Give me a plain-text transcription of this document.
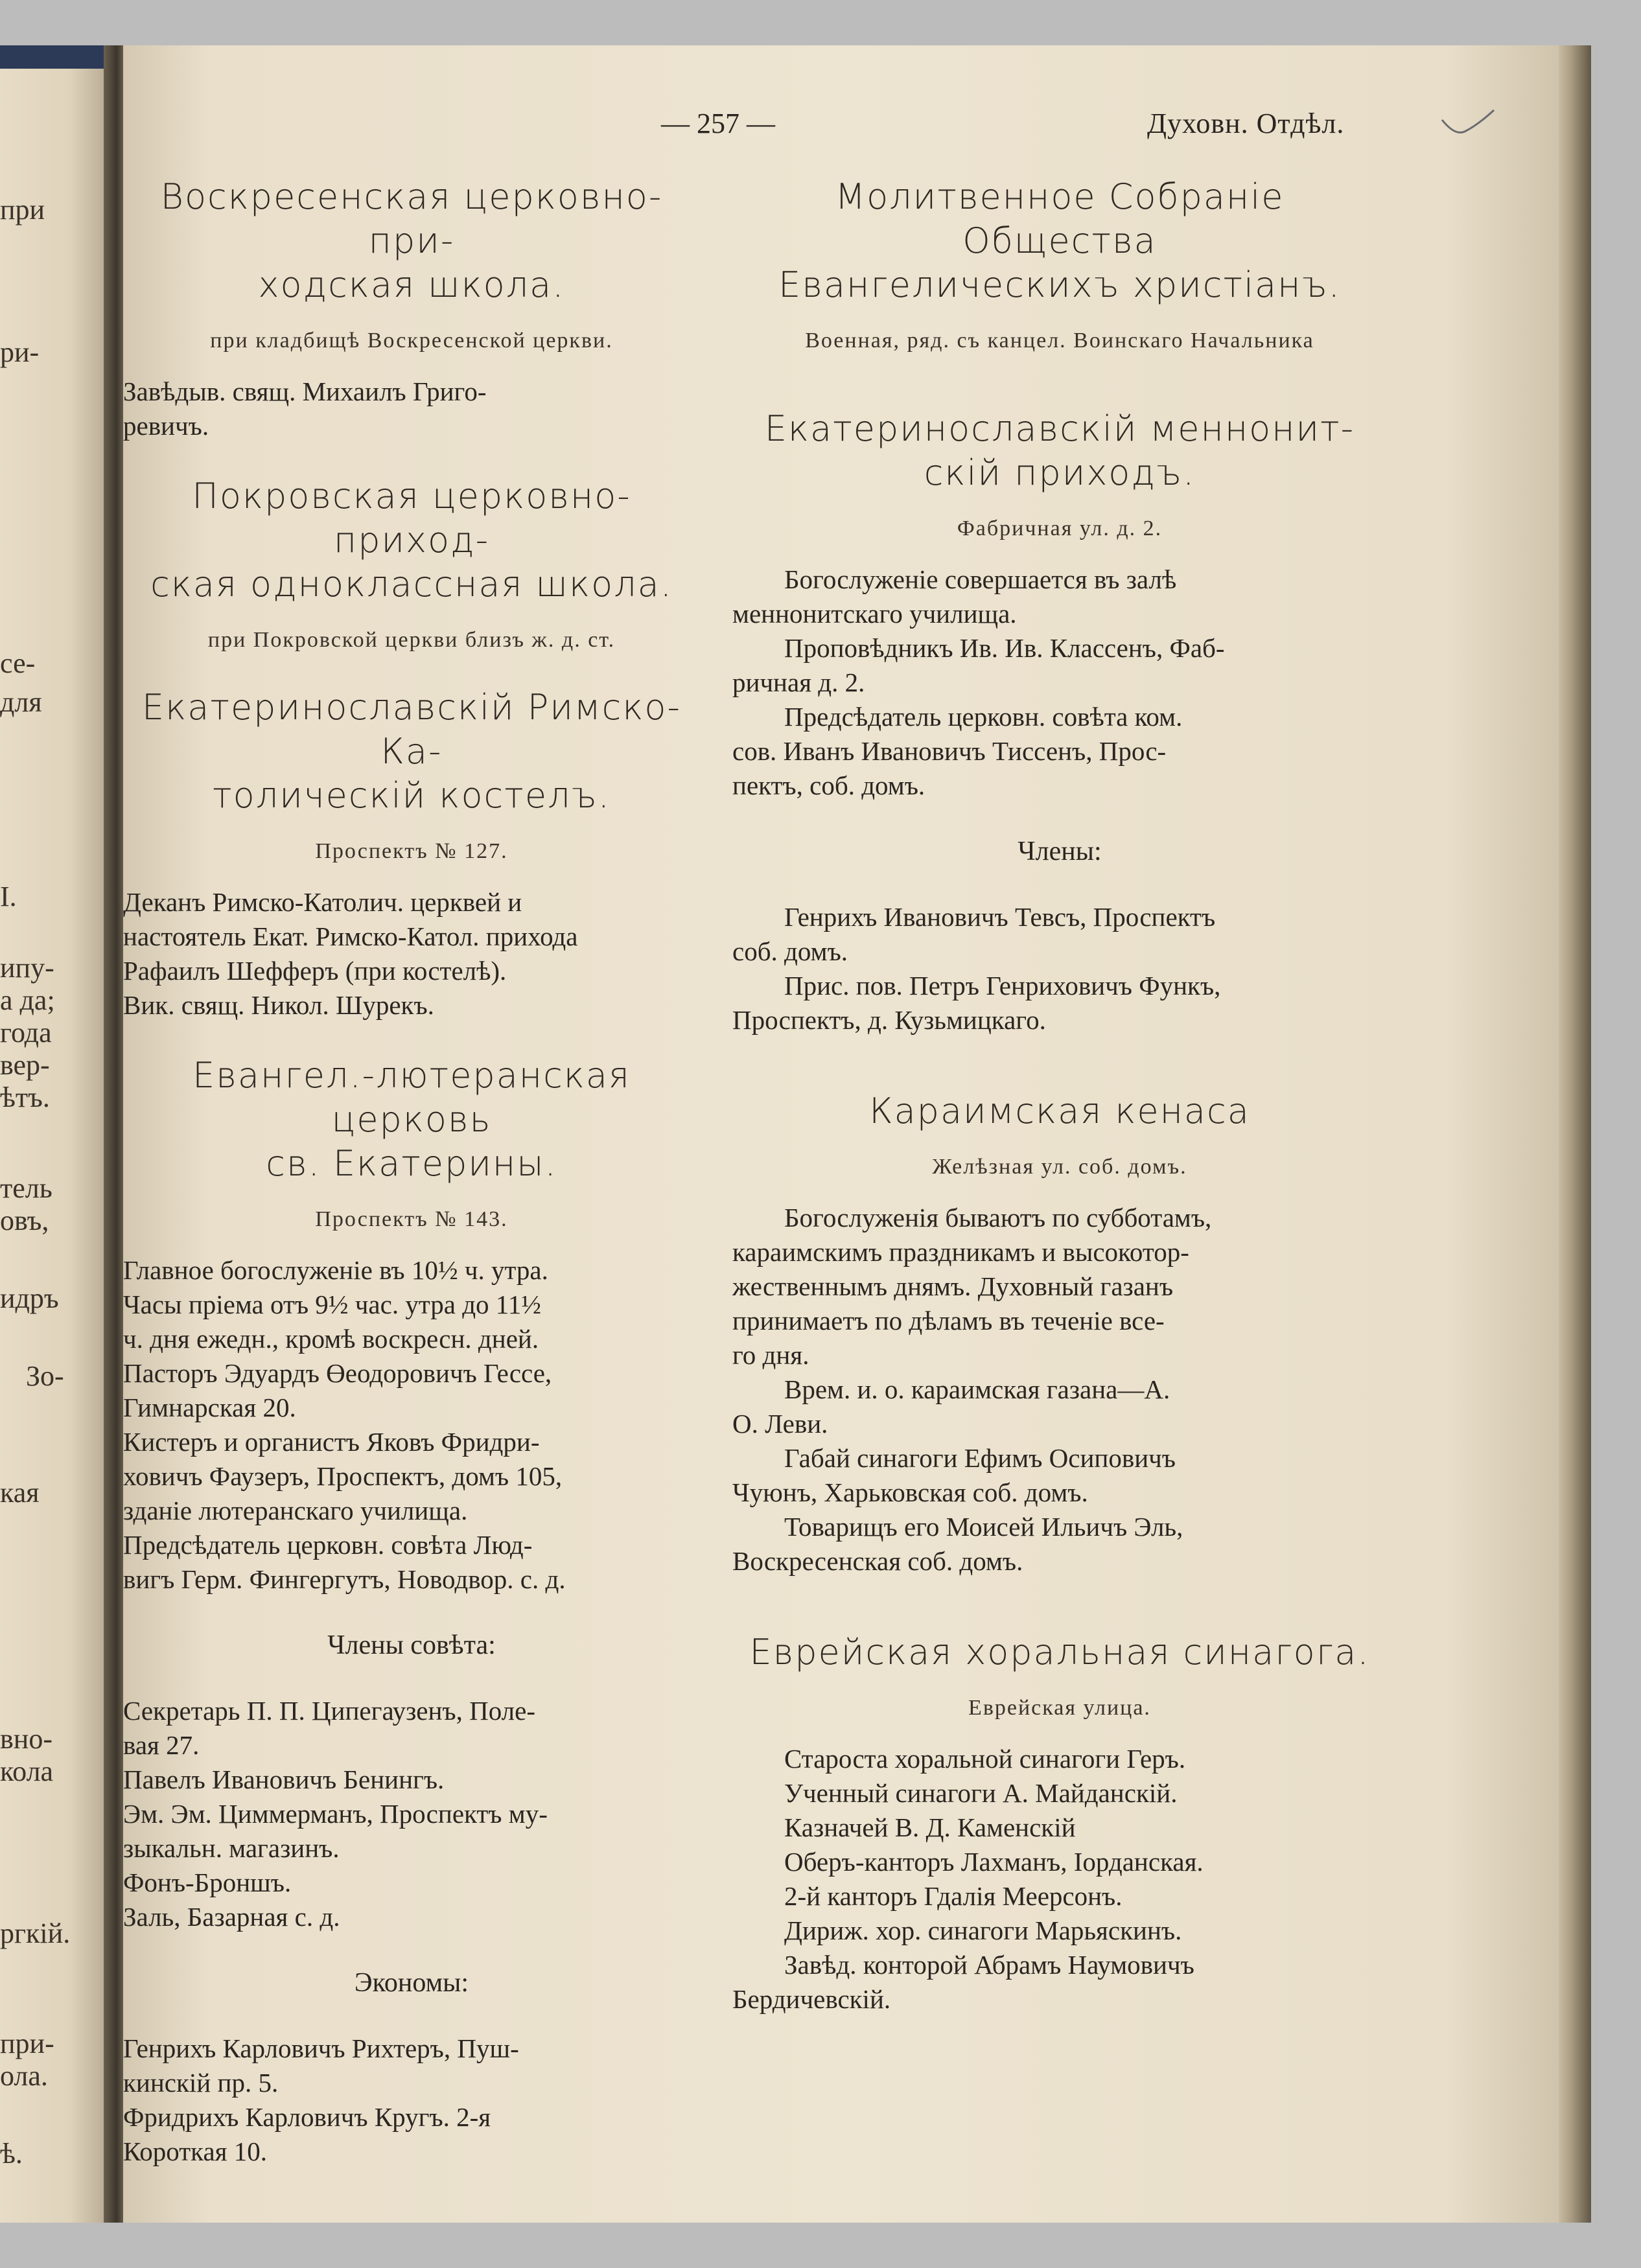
при
ри-
се-
для
I.
ипу-
а да;
года
вер-
ѣтъ.
тель
овъ,
идръ
Зо-
кая
вно-
кола
ргкій.
при-
ола.
ѣ.
— 257 —	Духовн. Отдѣл.
Воскресенская церковно-при-
ходская школа.
при кладбищѣ Воскресенской церкви.
Завѣдыв. свящ. Михаилъ Григо-
ревичъ.
Покровская церковно-приход-
ская одноклассная школа.
при Покровской церкви близъ ж. д. ст.
Екатеринославскій Римско-Ка-
толическій костелъ.
Проспектъ № 127.
Деканъ Римско-Католич. церквей и
настоятель Екат. Римско-Катол. прихода
Рафаилъ Шефферъ (при костелѣ).
Вик. свящ. Никол. Шурекъ.
Евангел.-лютеранская церковь
св. Екатерины.
Проспектъ № 143.
Главное богослуженіе въ 10½ ч. утра.
Часы пріема отъ 9½ час. утра до 11½
ч. дня ежедн., кромѣ воскресн. дней.
Пасторъ Эдуардъ Өеодоровичъ Гессе,
Гимнарская 20.
Кистеръ и органистъ Яковъ Фридри-
ховичъ Фаузеръ, Проспектъ, домъ 105,
зданіе лютеранскаго училища.
Предсѣдатель церковн. совѣта Люд-
вигъ Герм. Фингергутъ, Новодвор. с. д.
Члены совѣта:
Секретарь П. П. Ципегаузенъ, Поле-
вая 27.
Павелъ Ивановичъ Бенингъ.
Эм. Эм. Циммерманъ, Проспектъ му-
зыкальн. магазинъ.
Фонъ-Броншъ.
Заль, Базарная с. д.
Экономы:
Генрихъ Карловичъ Рихтеръ, Пуш-
кинскій пр. 5.
Фридрихъ Карловичъ Кругъ. 2-я
Короткая 10.
Молитвенное Собраніе Общества
Евангелическихъ христіанъ.
Военная, ряд. съ канцел. Воинскаго Начальника
Екатеринославскій меннонит-
скій приходъ.
Фабричная ул. д. 2.
Богослуженіе совершается въ залѣ
меннонитскаго училища.
Проповѣдникъ Ив. Ив. Классенъ, Фаб-
ричная д. 2.
Предсѣдатель церковн. совѣта ком.
сов. Иванъ Ивановичъ Тиссенъ, Прос-
пектъ, соб. домъ.
Члены:
Генрихъ Ивановичъ Тевсъ, Проспектъ
соб. домъ.
Прис. пов. Петръ Генриховичъ Функъ,
Проспектъ, д. Кузьмицкаго.
Караимская кенаса
Желѣзная ул. соб. домъ.
Богослуженія бываютъ по субботамъ,
караимскимъ праздникамъ и высокотор-
жественнымъ днямъ. Духовный газанъ
принимаетъ по дѣламъ въ теченіе все-
го дня.
Врем. и. о. караимская газана—А.
О. Леви.
Габай синагоги Ефимъ Осиповичъ
Чуюнъ, Харьковская соб. домъ.
Товарищъ его Моисей Ильичъ Эль,
Воскресенская соб. домъ.
Еврейская хоральная синагога.
Еврейская улица.
Староста хоральной синагоги Геръ.
Ученный синагоги А. Майданскій.
Казначей В. Д. Каменскій
Оберъ-канторъ Лахманъ, Іорданская.
2-й канторъ Гдалія Меерсонъ.
Дириж. хор. синагоги Марьяскинъ.
Завѣд. конторой Абрамъ Наумовичъ
Бердичевскій.
